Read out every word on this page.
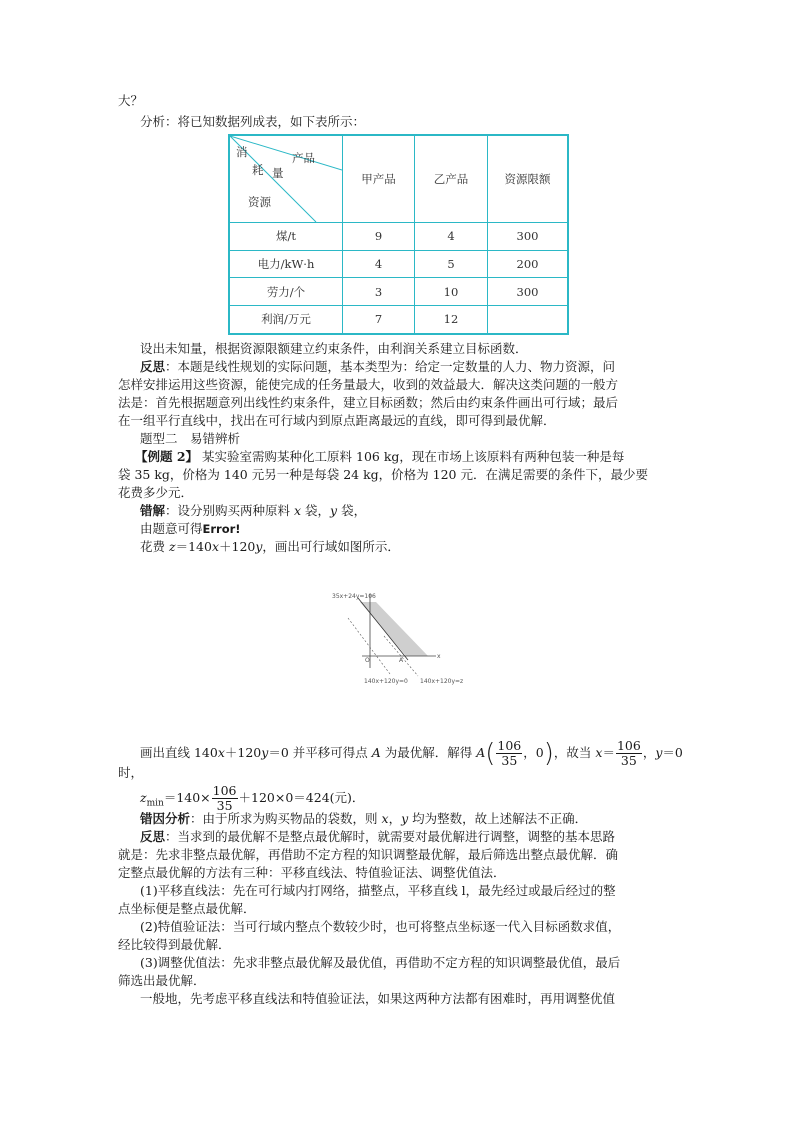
大？
分析：将已知数据列成表，如下表所示：
消 产品
耗 量
资源	甲产品	乙产品	资源限额
煤/t	9	4	300
电力/kW·h	4	5	200
劳力/个	3	10	300
利润/万元	7	12	
设出未知量，根据资源限额建立约束条件，由利润关系建立目标函数．
反思：本题是线性规划的实际问题，基本类型为：给定一定数量的人力、物力资源，问
怎样安排运用这些资源，能使完成的任务量最大，收到的效益最大．解决这类问题的一般方
法是：首先根据题意列出线性约束条件，建立目标函数；然后由约束条件画出可行域；最后
在一组平行直线中，找出在可行域内到原点距离最远的直线，即可得到最优解．
题型二　易错辨析
【例题 2】 某实验室需购某种化工原料 106 kg，现在市场上该原料有两种包装一种是每
袋 35 kg，价格为 140 元另一种是每袋 24 kg，价格为 120 元．在满足需要的条件下，最少要
花费多少元．
错解：设分别购买两种原料 x 袋，y 袋，
由题意可得Error!
花费 z＝140x＋120y，画出可行域如图所示．
35x+24y=106
O	A
x
140x+120y=0 140x+120y=z
画出直线 140x＋120y＝0 并平移可得点 A 为最优解．解得 $A( \frac{106}{35}$ ，0)，故当 $x= \frac{106}{35}$ ，y＝0
时，
$z_{min}=140\times \frac{106}{35} +120\times 0=424$(元)．
错因分析：由于所求为购买物品的袋数，则 x，y 均为整数，故上述解法不正确．
反思：当求到的最优解不是整点最优解时，就需要对最优解进行调整，调整的基本思路
就是：先求非整点最优解，再借助不定方程的知识调整最优解，最后筛选出整点最优解．确
定整点最优解的方法有三种：平移直线法、特值验证法、调整优值法．
(1)平移直线法：先在可行域内打网络，描整点，平移直线 l，最先经过或最后经过的整
点坐标便是整点最优解．
(2)特值验证法：当可行域内整点个数较少时，也可将整点坐标逐一代入目标函数求值，
经比较得到最优解．
(3)调整优值法：先求非整点最优解及最优值，再借助不定方程的知识调整最优值，最后
筛选出最优解．
一般地，先考虑平移直线法和特值验证法，如果这两种方法都有困难时，再用调整优值
